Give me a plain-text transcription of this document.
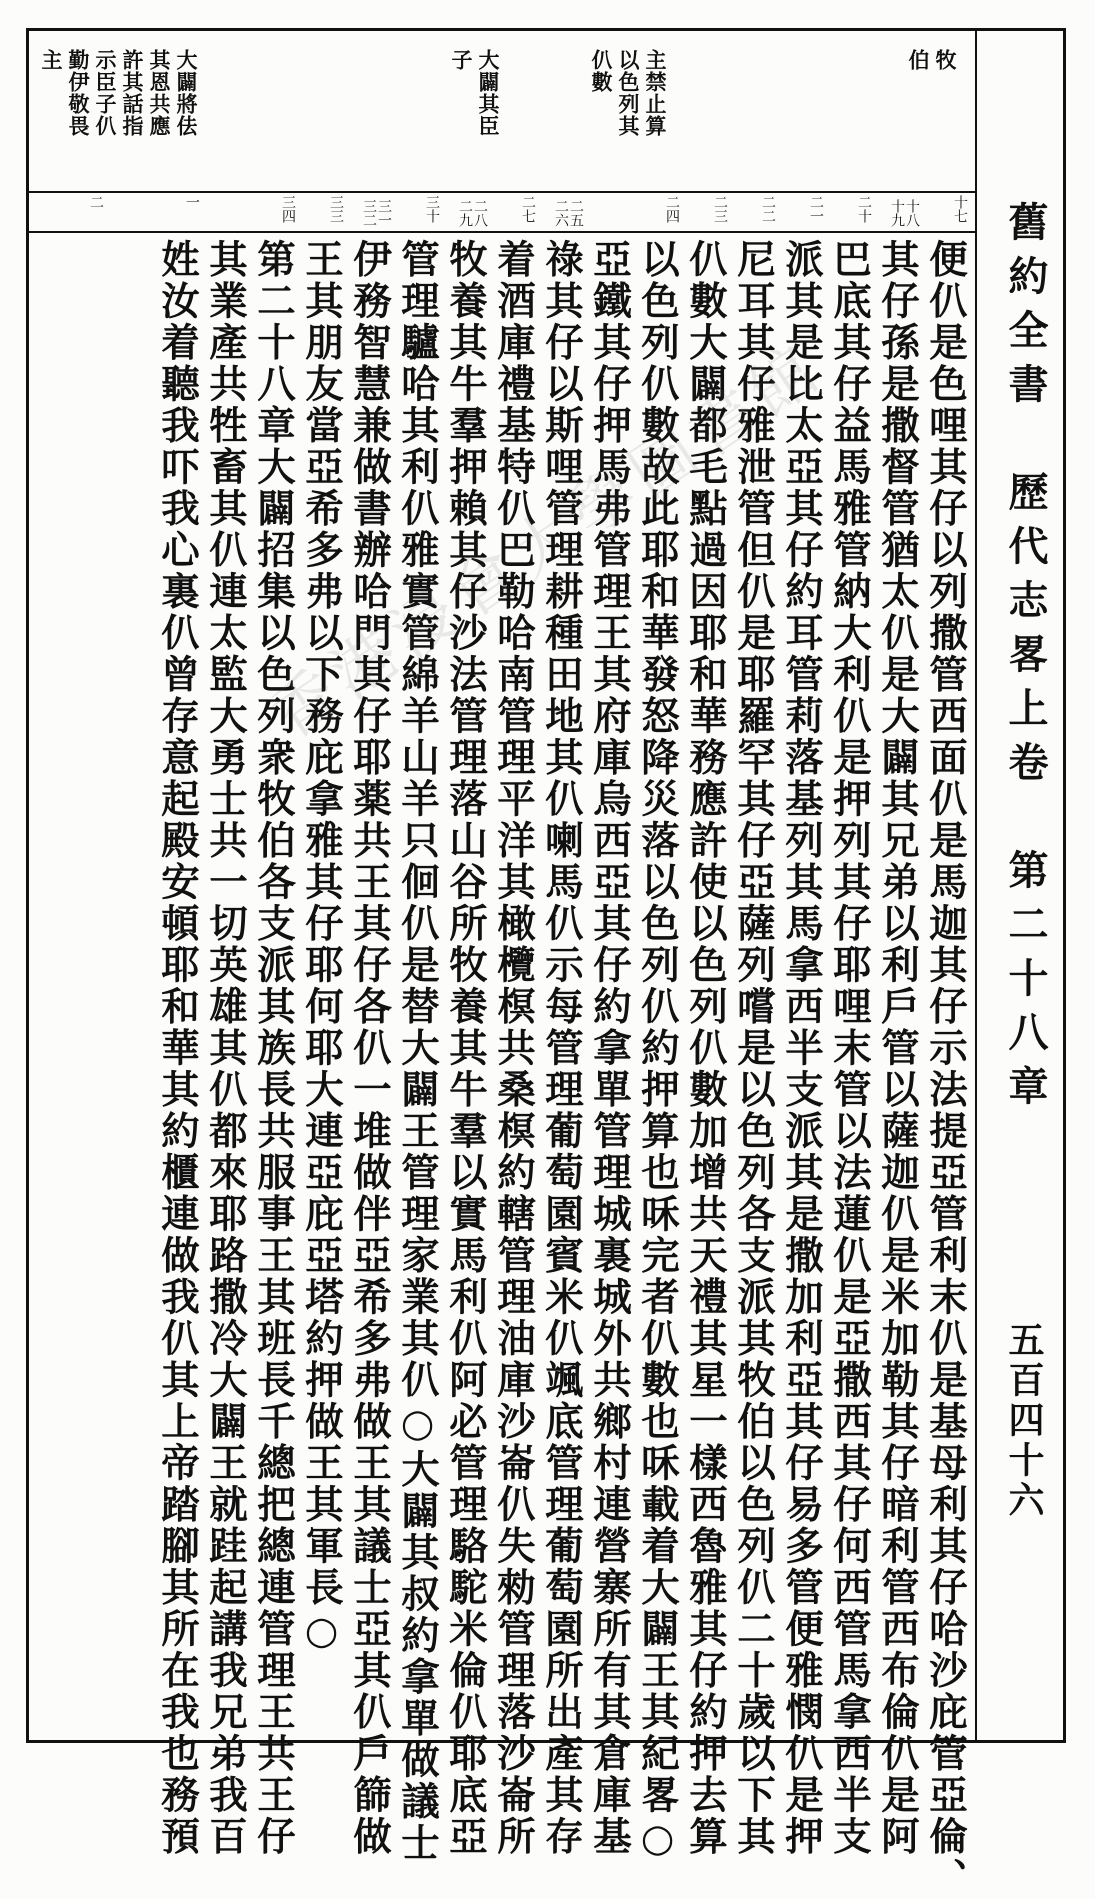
舊約全書　歷代志畧上卷　第二十八章
五百四十六
牧
伯
主禁止算
以色列其
仈數
大闢其臣
子
大闢將佉
其恩共應
許其話指
示臣子仈
勤伊敬畏
主
十七
十八十九
二十
二一
二二
二三
二四
二五二六
二七
二八二九
三十
三一三二
三三
三四
一
二
便仈是色哩其仔以列撒管西面仈是馬迦其仔示法提亞管利末仈是基母利其仔哈沙庇管亞倫、
其仔孫是撒督管猶太仈是大闢其兄弟以利戶管以薩迦仈是米加勒其仔暗利管西布倫仈是阿
巴底其仔益馬雅管納大利仈是押列其仔耶哩末管以法蓮仈是亞撒西其仔何西管馬拿西半支
派其是比太亞其仔約耳管莉落基列其馬拿西半支派其是撒加利亞其仔易多管便雅憫仈是押
尼耳其仔雅泄管但仈是耶羅罕其仔亞薩列嚐是以色列各支派其牧伯以色列仈二十歲以下其
仈數大闢都毛點過因耶和華務應許使以色列仈數加增共天禮其星一樣西魯雅其仔約押去算
以色列仈數故此耶和華發怒降災落以色列仈約押算也咊完者仈數也咊載着大闢王其紀畧○
亞鐵其仔押馬弗管理王其府庫烏西亞其仔約拿單管理城裏城外共鄉村連營寨所有其倉庫基
祿其仔以斯哩管理耕種田地其仈喇馬仈示每管理葡萄園賓米仈颯底管理葡萄園所出產其存
着酒庫禮基特仈巴勒哈南管理平洋其橄欖榠共桑榠約轄管理油庫沙崙仈失勑管理落沙崙所
牧養其牛羣押賴其仔沙法管理落山谷所牧養其牛羣以實馬利仈阿必管理駱駝米倫仈耶底亞
管理驢哈其利仈雅實管綿羊山羊只佪仈是替大闢王管理家業其仈○大闢其叔約拿單做議士
伊務智慧兼做書辦哈門其仔耶薬共王其仔各仈一堆做伴亞希多弗做王其議士亞其仈戶篩做
王其朋友當亞希多弗以下務庇拿雅其仔耶何耶大連亞庇亞塔約押做王其軍長○
第二十八章大闢招集以色列衆牧伯各支派其族長共服事王其班長千總把總連管理王共王仔
其業產共牲畜其仈連太監大勇士共一切英雄其仈都來耶路撒冷大闢王就跬起講我兄弟我百
姓汝着聽我吓我心裏仈曾存意起殿安頓耶和華其約櫃連做我仈其上帝踏腳其所在我也務預 香港浸會大學圖書館
